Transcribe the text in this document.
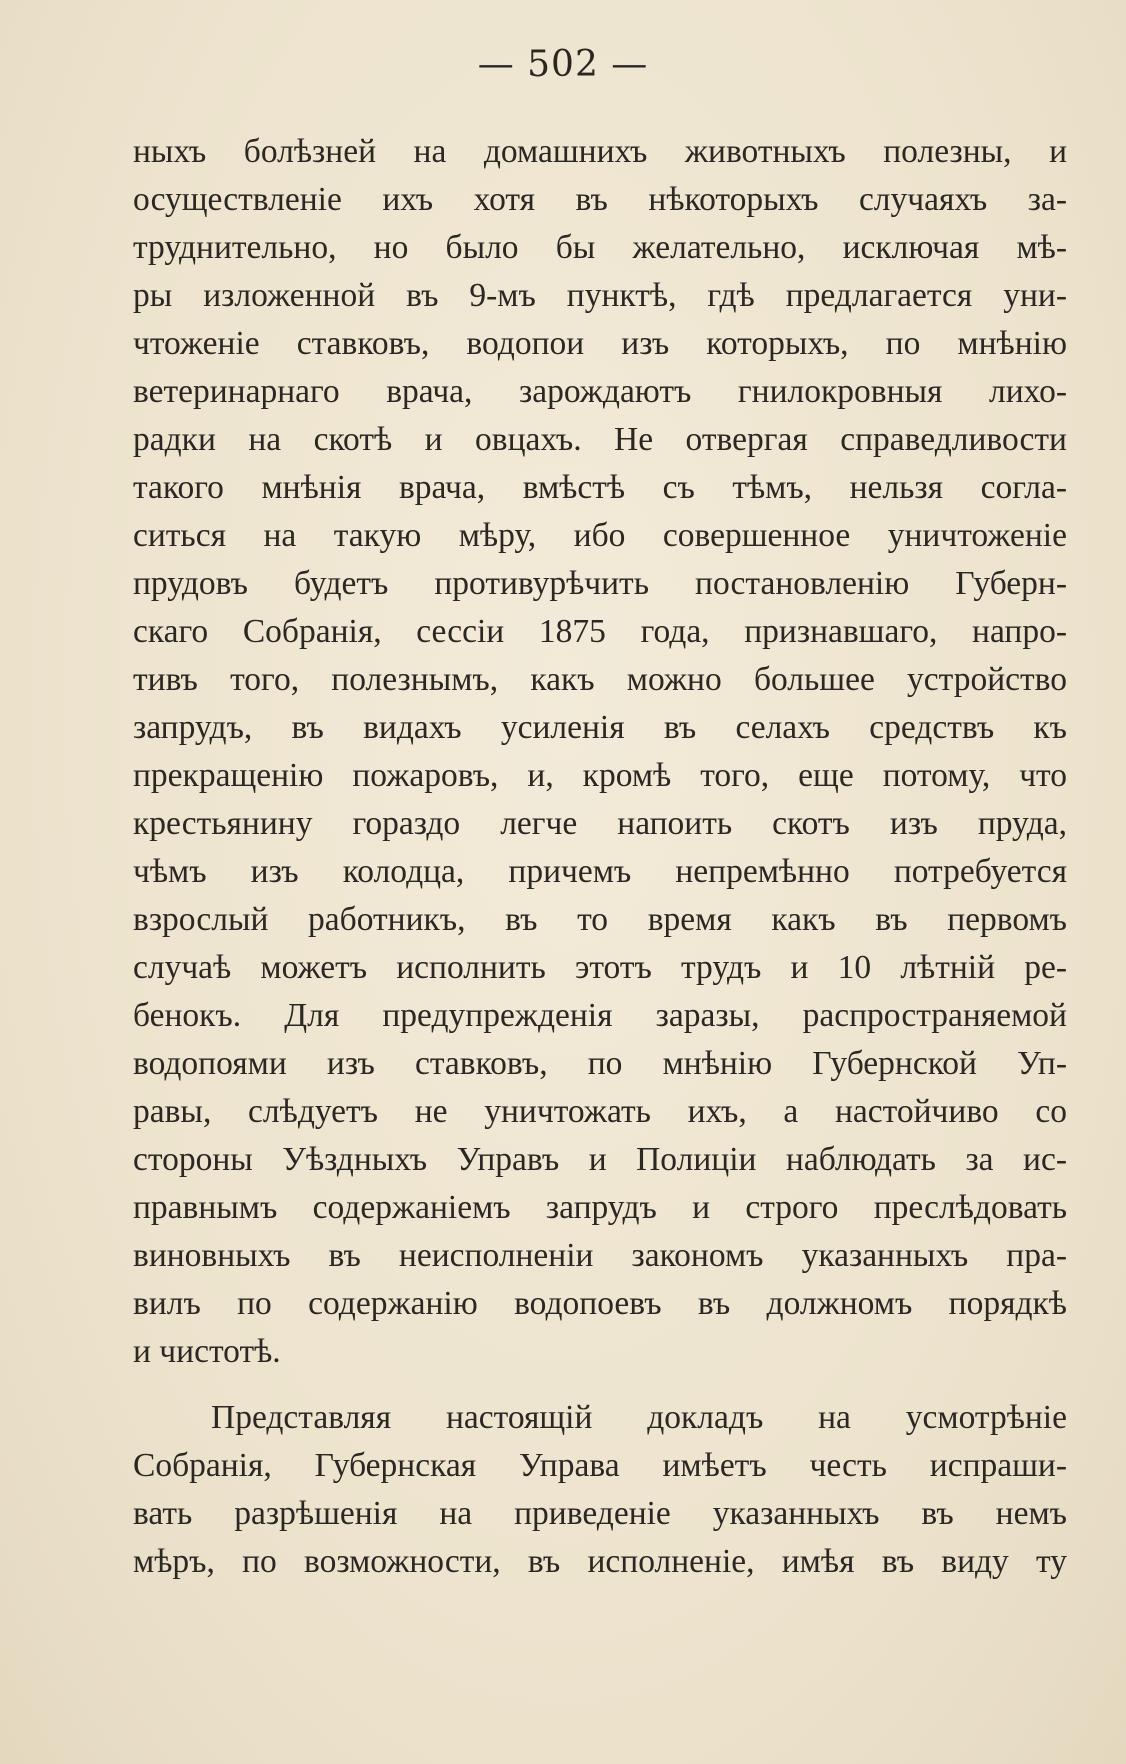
— 502 —
ныхъ болѣзней на домашнихъ животныхъ полезны, и
осуществленіе ихъ хотя въ нѣкоторыхъ случаяхъ за-
труднительно, но было бы желательно, исключая мѣ-
ры изложенной въ 9-мъ пунктѣ, гдѣ предлагается уни-
чтоженіе ставковъ, водопои изъ которыхъ, по мнѣнію
ветеринарнаго врача, зарождаютъ гнилокровныя лихо-
радки на скотѣ и овцахъ. Не отвергая справедливости
такого мнѣнія врача, вмѣстѣ съ тѣмъ, нельзя согла-
ситься на такую мѣру, ибо совершенное уничтоженіе
прудовъ будетъ противурѣчить постановленію Губерн-
скаго Собранія, сессіи 1875 года, признавшаго, напро-
тивъ того, полезнымъ, какъ можно большее устройство
запрудъ, въ видахъ усиленія въ селахъ средствъ къ
прекращенію пожаровъ, и, кромѣ того, еще потому, что
крестьянину гораздо легче напоить скотъ изъ пруда,
чѣмъ изъ колодца, причемъ непремѣнно потребуется
взрослый работникъ, въ то время какъ въ первомъ
случаѣ можетъ исполнить этотъ трудъ и 10 лѣтній ре-
бенокъ. Для предупрежденія заразы, распространяемой
водопоями изъ ставковъ, по мнѣнію Губернской Уп-
равы, слѣдуетъ не уничтожать ихъ, а настойчиво со
стороны Уѣздныхъ Управъ и Полиціи наблюдать за ис-
правнымъ содержаніемъ запрудъ и строго преслѣдовать
виновныхъ въ неисполненіи закономъ указанныхъ пра-
вилъ по содержанію водопоевъ въ должномъ порядкѣ
и чистотѣ.
Представляя настоящій докладъ на усмотрѣніе
Собранія, Губернская Управа имѣетъ честь испраши-
вать разрѣшенія на приведеніе указанныхъ въ немъ
мѣръ, по возможности, въ исполненіе, имѣя въ виду ту
